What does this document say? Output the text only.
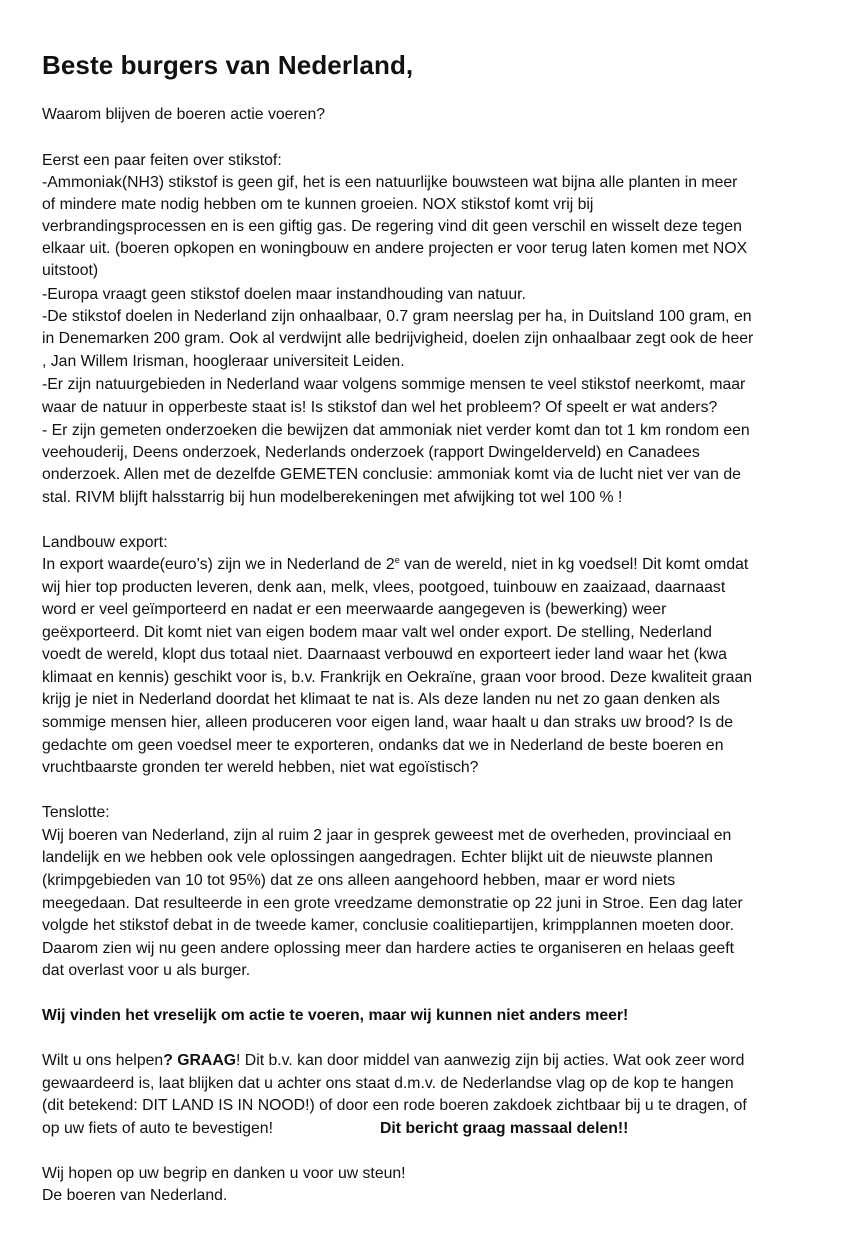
Beste burgers van Nederland,
Waarom blijven de boeren actie voeren?
Eerst een paar feiten over stikstof:
-Ammoniak(NH3) stikstof is geen gif, het is een natuurlijke bouwsteen wat bijna alle planten in meer
of mindere mate nodig hebben om te kunnen groeien. NOX stikstof komt vrij bij
verbrandingsprocessen en is een giftig gas. De regering vind dit geen verschil en wisselt deze tegen
elkaar uit. (boeren opkopen en woningbouw en andere projecten er voor terug laten komen met NOX
uitstoot)
-Europa vraagt geen stikstof doelen maar instandhouding van natuur.
-De stikstof doelen in Nederland zijn onhaalbaar, 0.7 gram neerslag per ha, in Duitsland 100 gram, en
in Denemarken 200 gram. Ook al verdwijnt alle bedrijvigheid, doelen zijn onhaalbaar zegt ook de heer
, Jan Willem Irisman, hoogleraar universiteit Leiden.
-Er zijn natuurgebieden in Nederland waar volgens sommige mensen te veel stikstof neerkomt, maar
waar de natuur in opperbeste staat is! Is stikstof dan wel het probleem? Of speelt er wat anders?
- Er zijn gemeten onderzoeken die bewijzen dat ammoniak niet verder komt dan tot 1 km rondom een
veehouderij, Deens onderzoek, Nederlands onderzoek (rapport Dwingelderveld) en Canadees
onderzoek. Allen met de dezelfde GEMETEN conclusie: ammoniak komt via de lucht niet ver van de
stal. RIVM blijft halsstarrig bij hun modelberekeningen met afwijking tot wel 100 % !
Landbouw export:
In export waarde(euro’s) zijn we in Nederland de 2e van de wereld, niet in kg voedsel! Dit komt omdat
wij hier top producten leveren, denk aan, melk, vlees, pootgoed, tuinbouw en zaaizaad, daarnaast
word er veel geïmporteerd en nadat er een meerwaarde aangegeven is (bewerking) weer
geëxporteerd. Dit komt niet van eigen bodem maar valt wel onder export. De stelling, Nederland
voedt de wereld, klopt dus totaal niet. Daarnaast verbouwd en exporteert ieder land waar het (kwa
klimaat en kennis) geschikt voor is, b.v. Frankrijk en Oekraïne, graan voor brood. Deze kwaliteit graan
krijg je niet in Nederland doordat het klimaat te nat is. Als deze landen nu net zo gaan denken als
sommige mensen hier, alleen produceren voor eigen land, waar haalt u dan straks uw brood? Is de
gedachte om geen voedsel meer te exporteren, ondanks dat we in Nederland de beste boeren en
vruchtbaarste gronden ter wereld hebben, niet wat egoïstisch?
Tenslotte:
Wij boeren van Nederland, zijn al ruim 2 jaar in gesprek geweest met de overheden, provinciaal en
landelijk en we hebben ook vele oplossingen aangedragen. Echter blijkt uit de nieuwste plannen
(krimpgebieden van 10 tot 95%) dat ze ons alleen aangehoord hebben, maar er word niets
meegedaan. Dat resulteerde in een grote vreedzame demonstratie op 22 juni in Stroe. Een dag later
volgde het stikstof debat in de tweede kamer, conclusie coalitiepartijen, krimpplannen moeten door.
Daarom zien wij nu geen andere oplossing meer dan hardere acties te organiseren en helaas geeft
dat overlast voor u als burger.
Wij vinden het vreselijk om actie te voeren, maar wij kunnen niet anders meer!
Wilt u ons helpen? GRAAG! Dit b.v. kan door middel van aanwezig zijn bij acties. Wat ook zeer word
gewaardeerd is, laat blijken dat u achter ons staat d.m.v. de Nederlandse vlag op de kop te hangen
(dit betekend: DIT LAND IS IN NOOD!) of door een rode boeren zakdoek zichtbaar bij u te dragen, of
op uw fiets of auto te bevestigen!	Dit bericht graag massaal delen!!
Wij hopen op uw begrip en danken u voor uw steun!
De boeren van Nederland.
